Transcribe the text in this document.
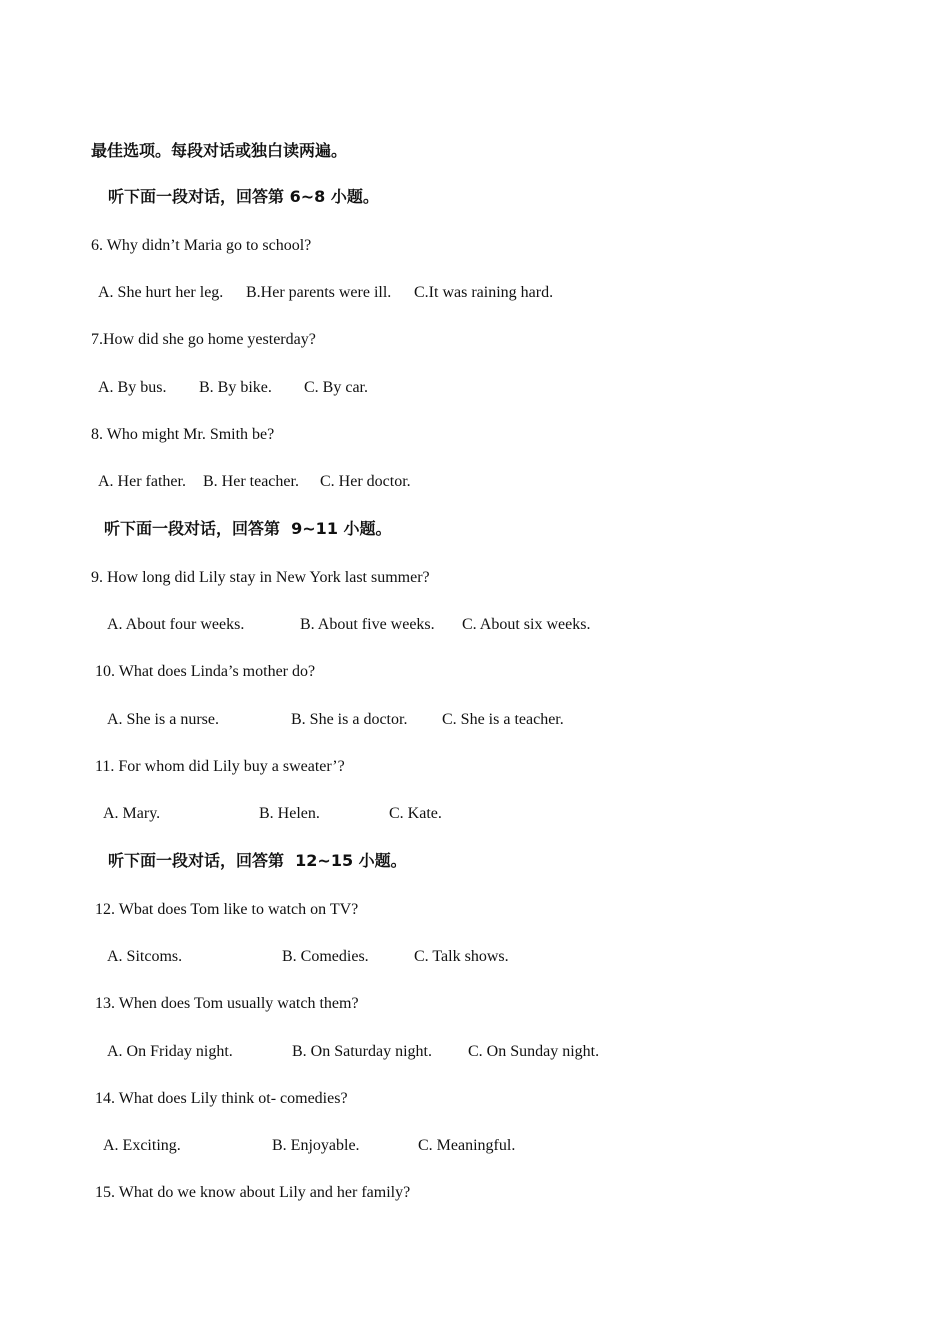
最佳选项。每段对话或独白读两遍。
听下面一段对话，回答第 6~8 小题。
6. Why didn’t Maria go to school?
A. She hurt her leg. B.Her parents were ill. C.It was raining hard.
7.How did she go home yesterday?
A. By bus. B. By bike. C. By car.
8. Who might Mr. Smith be?
A. Her father. B. Her teacher. C. Her doctor.
听下面一段对话，回答第  9~11 小题。
9. How long did Lily stay in New York last summer?
A. About four weeks.	B. About five weeks. C. About six weeks.
10. What does Linda’s mother do?
A. She is a nurse.	B. She is a doctor. C. She is a teacher.
11. For whom did Lily buy a sweater’?
A. Mary.	B. Helen.	C. Kate.
听下面一段对话，回答第  12~15 小题。
12. Wbat does Tom like to watch on TV?
A. Sitcoms.	B. Comedies.	C. Talk shows.
13. When does Tom usually watch them?
A. On Friday night.	B. On Saturday night. C. On Sunday night.
14. What does Lily think ot- comedies?
A. Exciting.	B. Enjoyable.	C. Meaningful.
15. What do we know about Lily and her family?
